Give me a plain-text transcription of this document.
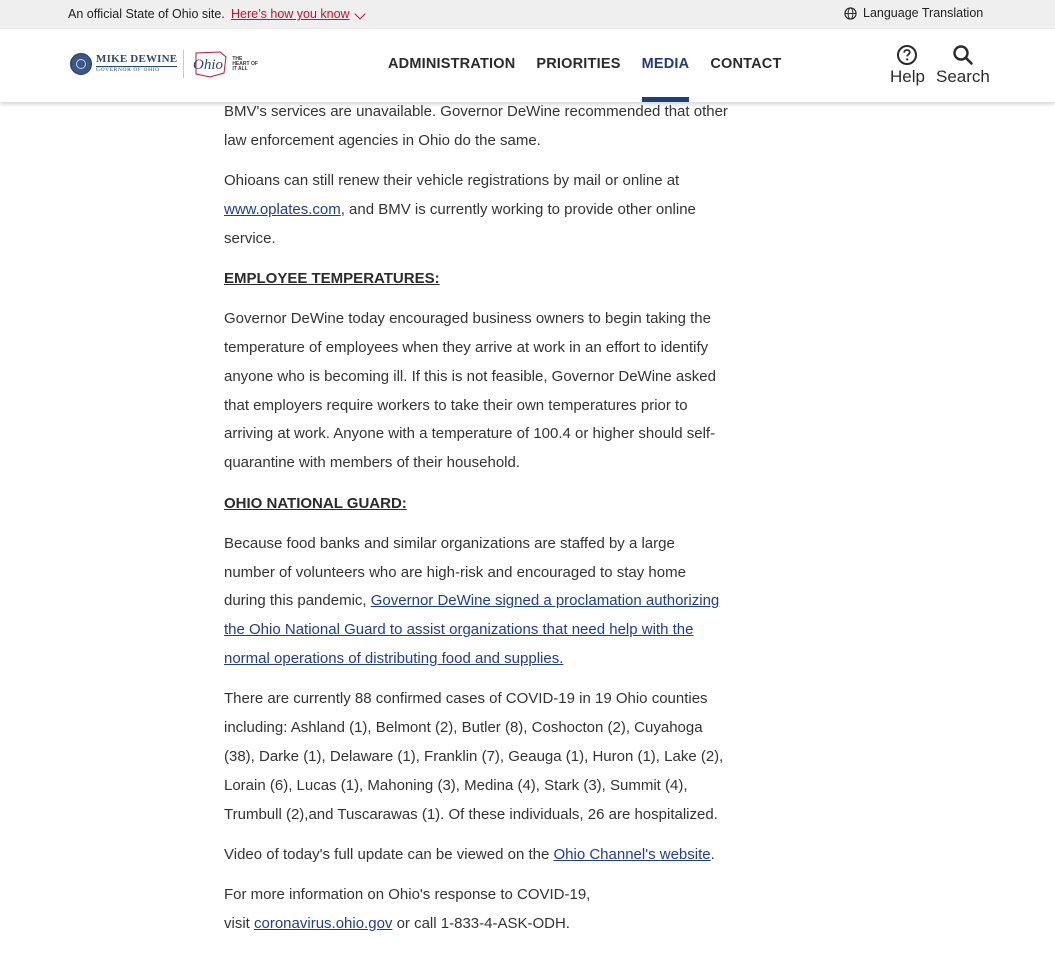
An official State of Ohio site. Here’s how you know	Language Translation
MIKE DEWINE
GOVERNOR OF OHIO	Ohio THE HEART OF IT ALL	ADMINISTRATION PRIORITIES MEDIA CONTACT
Help Search

BMV's services are unavailable. Governor DeWine recommended that other law enforcement agencies in Ohio do the same.

Ohioans can still renew their vehicle registrations by mail or online at www.oplates.com, and BMV is currently working to provide other online service.

EMPLOYEE TEMPERATURES:

Governor DeWine today encouraged business owners to begin taking the temperature of employees when they arrive at work in an effort to identify anyone who is becoming ill. If this is not feasible, Governor DeWine asked that employers require workers to take their own temperatures prior to arriving at work. Anyone with a temperature of 100.4 or higher should self-quarantine with members of their household.

OHIO NATIONAL GUARD:

Because food banks and similar organizations are staffed by a large number of volunteers who are high-risk and encouraged to stay home during this pandemic, Governor DeWine signed a proclamation authorizing the Ohio National Guard to assist organizations that need help with the normal operations of distributing food and supplies.

There are currently 88 confirmed cases of COVID-19 in 19 Ohio counties including: Ashland (1), Belmont (2), Butler (8), Coshocton (2), Cuyahoga (38), Darke (1), Delaware (1), Franklin (7), Geauga (1), Huron (1), Lake (2), Lorain (6), Lucas (1), Mahoning (3), Medina (4), Stark (3), Summit (4), Trumbull (2),and Tuscarawas (1). Of these individuals, 26 are hospitalized.

Video of today's full update can be viewed on the Ohio Channel's website.

For more information on Ohio's response to COVID-19,
visit coronavirus.ohio.gov or call 1-833-4-ASK-ODH.
